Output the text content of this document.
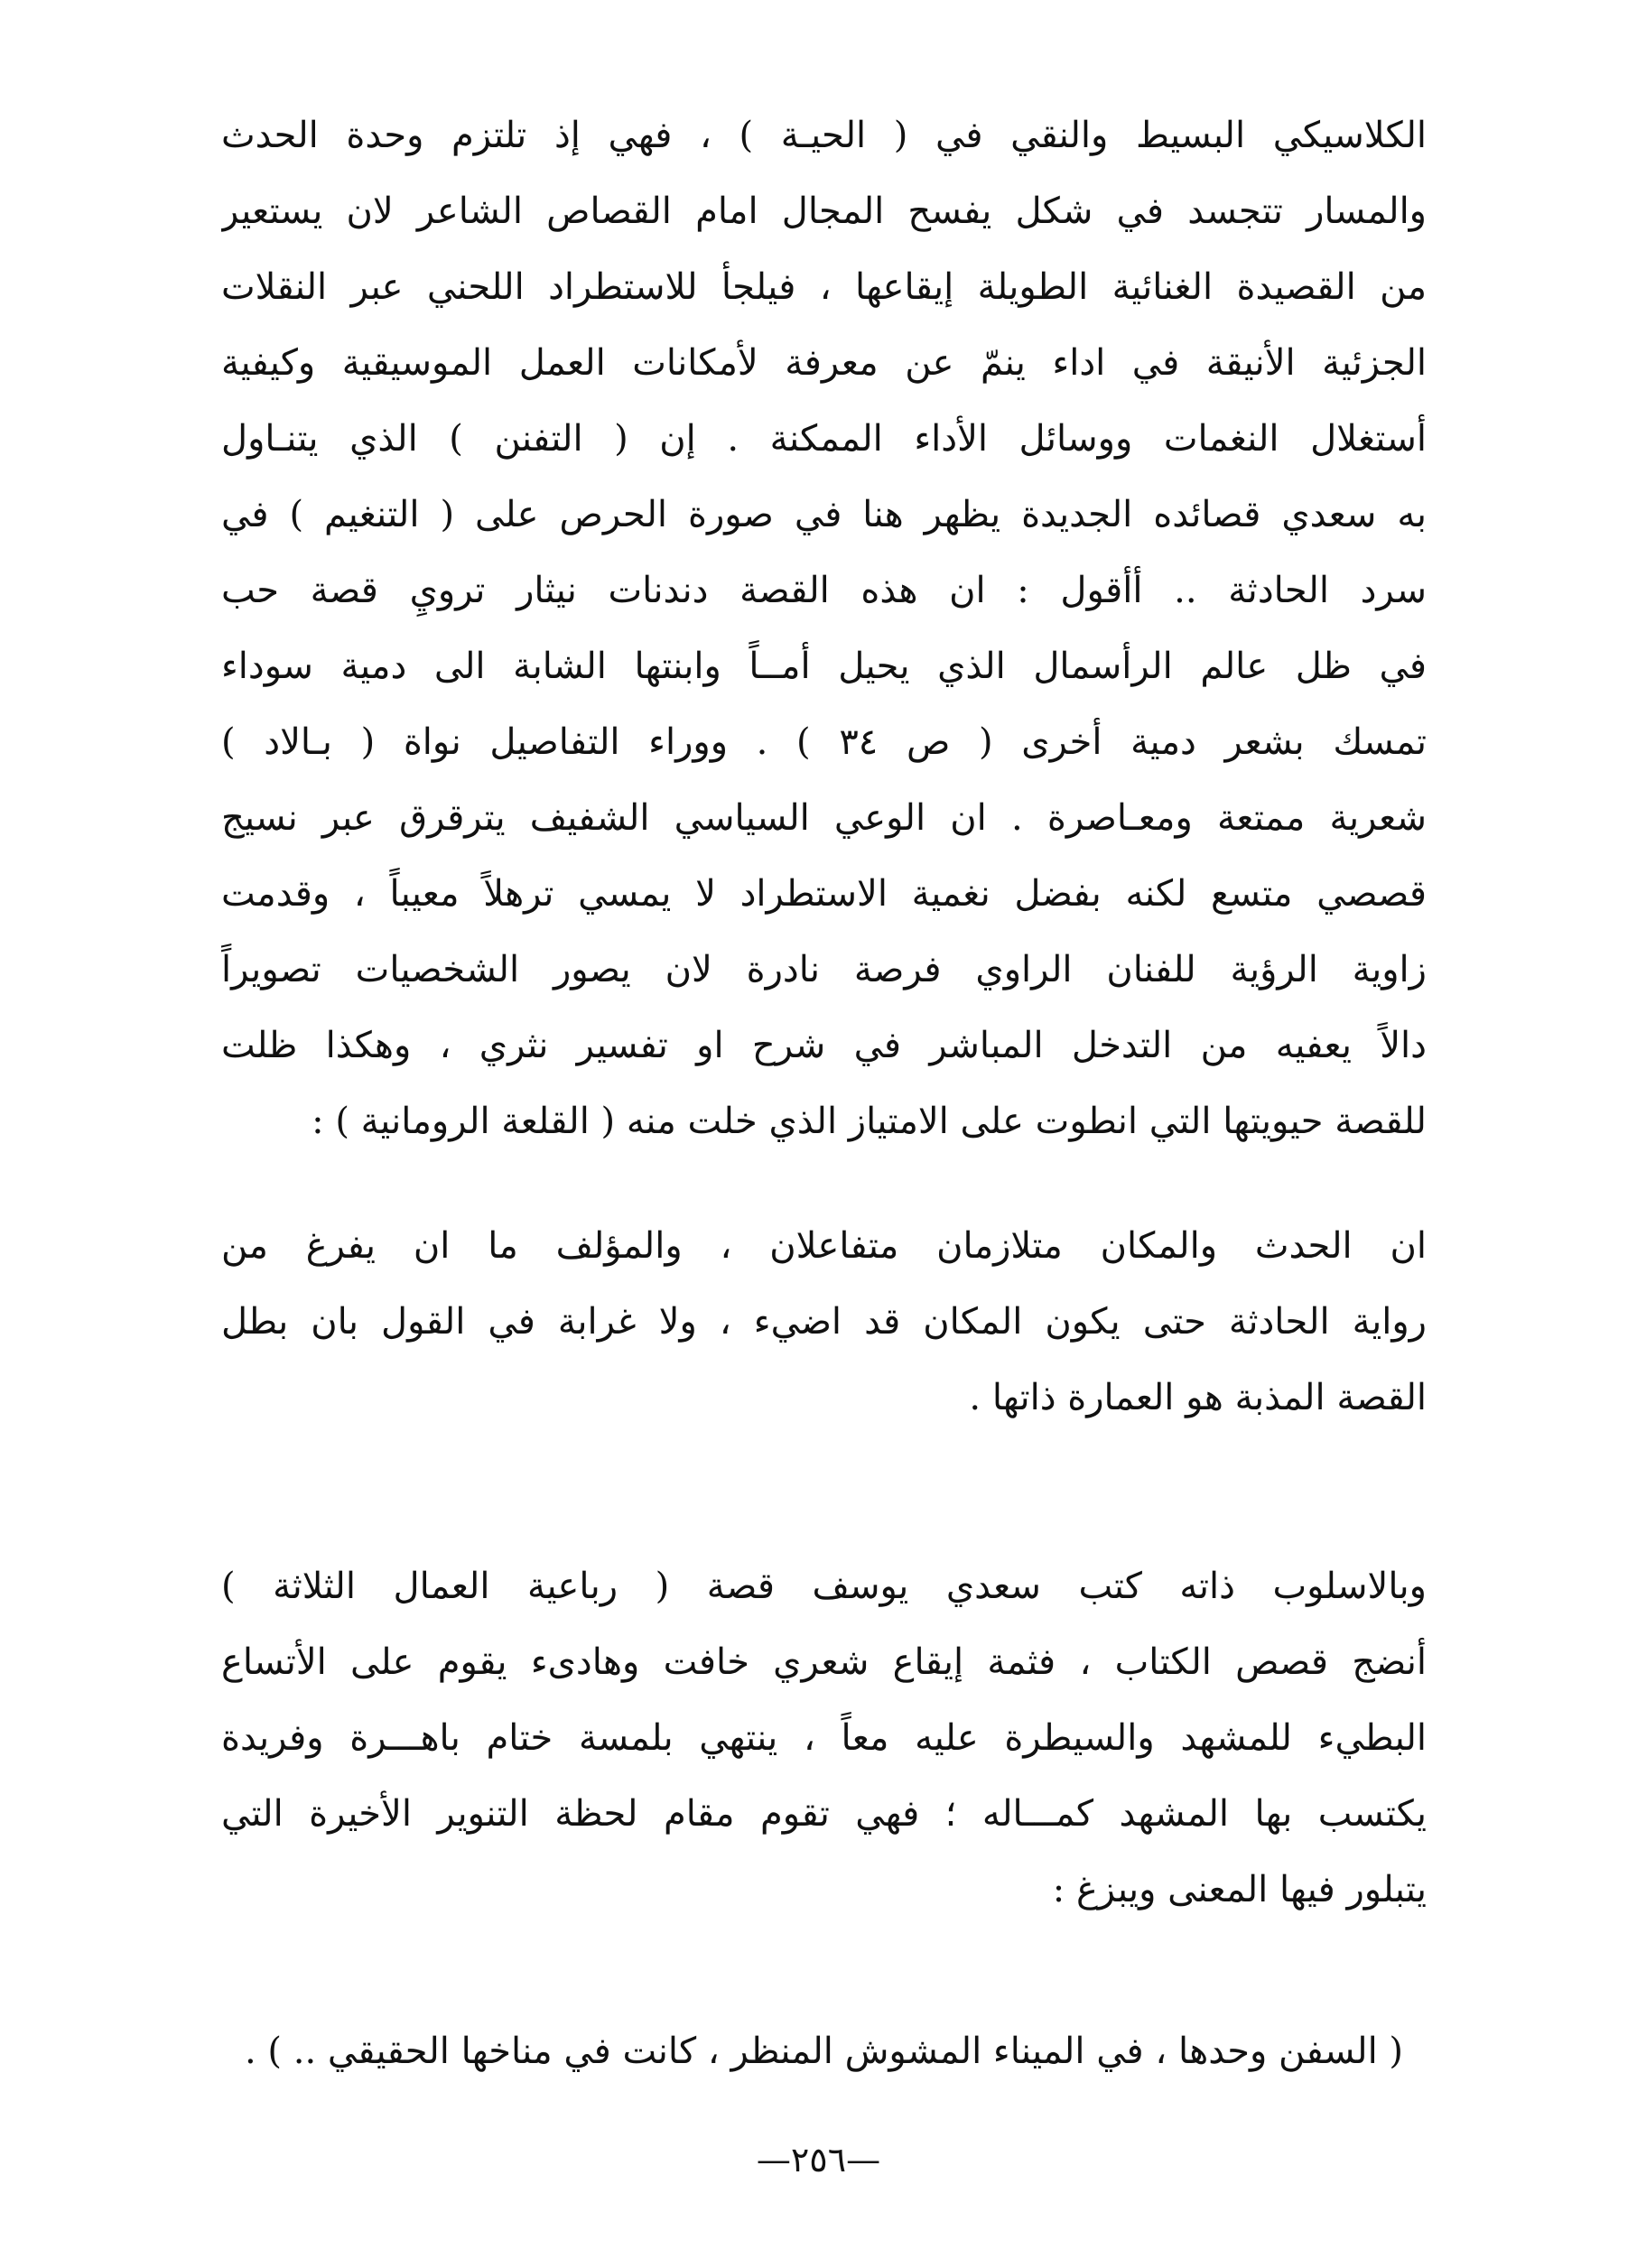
الكلاسيكي البسيط والنقي في ( الحيـة ) ، فهي إذ تلتزم وحدة الحدث
والمسار تتجسد في شكل يفسح المجال امام القصاص الشاعر لان يستعير
من القصيدة الغنائية الطويلة إيقاعها ، فيلجأ للاستطراد اللحني عبر النقلات
الجزئية الأنيقة في اداء ينمّ عن معرفة لأمكانات العمل الموسيقية وكيفية
أستغلال النغمات ووسائل الأداء الممكنة . إن ( التفنن ) الذي يتنـاول
به سعدي قصائده الجديدة يظهر هنا في صورة الحرص على ( التنغيم ) في
سرد الحادثة .. أأقول : ان هذه القصة دندنات نيثار ترويِ قصة حب
في ظل عالم الرأسمال الذي يحيل أمــاً وابنتها الشابة الى دمية سوداء
تمسك بشعر دمية أخرى ( ص ٣٤ ) . ووراء التفاصيل نواة ( بـالاد )
شعرية ممتعة ومعـاصرة . ان الوعي السياسي الشفيف يترقرق عبر نسيج
قصصي متسع لكنه بفضل نغمية الاستطراد لا يمسي ترهلاً معيباً ، وقدمت
زاوية الرؤية للفنان الراوي فرصة نادرة لان يصور الشخصيات تصويراً
دالاً يعفيه من التدخل المباشر في شرح او تفسير نثري ، وهكذا ظلت
للقصة حيويتها التي انطوت على الامتياز الذي خلت منه ( القلعة الرومانية ) :
ان الحدث والمكان متلازمان متفاعلان ، والمؤلف ما ان يفرغ من
رواية الحادثة حتى يكون المكان قد اضيء ، ولا غرابة في القول بان بطل
القصة المذبة هو العمارة ذاتها .
وبالاسلوب ذاته كتب سعدي يوسف قصة ( رباعية العمال الثلاثة )
أنضج قصص الكتاب ، فثمة إيقاع شعري خافت وهادىء يقوم على الأتساع
البطيء للمشهد والسيطرة عليه معاً ، ينتهي بلمسة ختام باهـــرة وفريدة
يكتسب بها المشهد كمـــاله ؛ فهي تقوم مقام لحظة التنوير الأخيرة التي
يتبلور فيها المعنى ويبزغ :
( السفن وحدها ، في الميناء المشوش المنظر ، كانت في مناخها الحقيقي .. ) .
—٢٥٦—
